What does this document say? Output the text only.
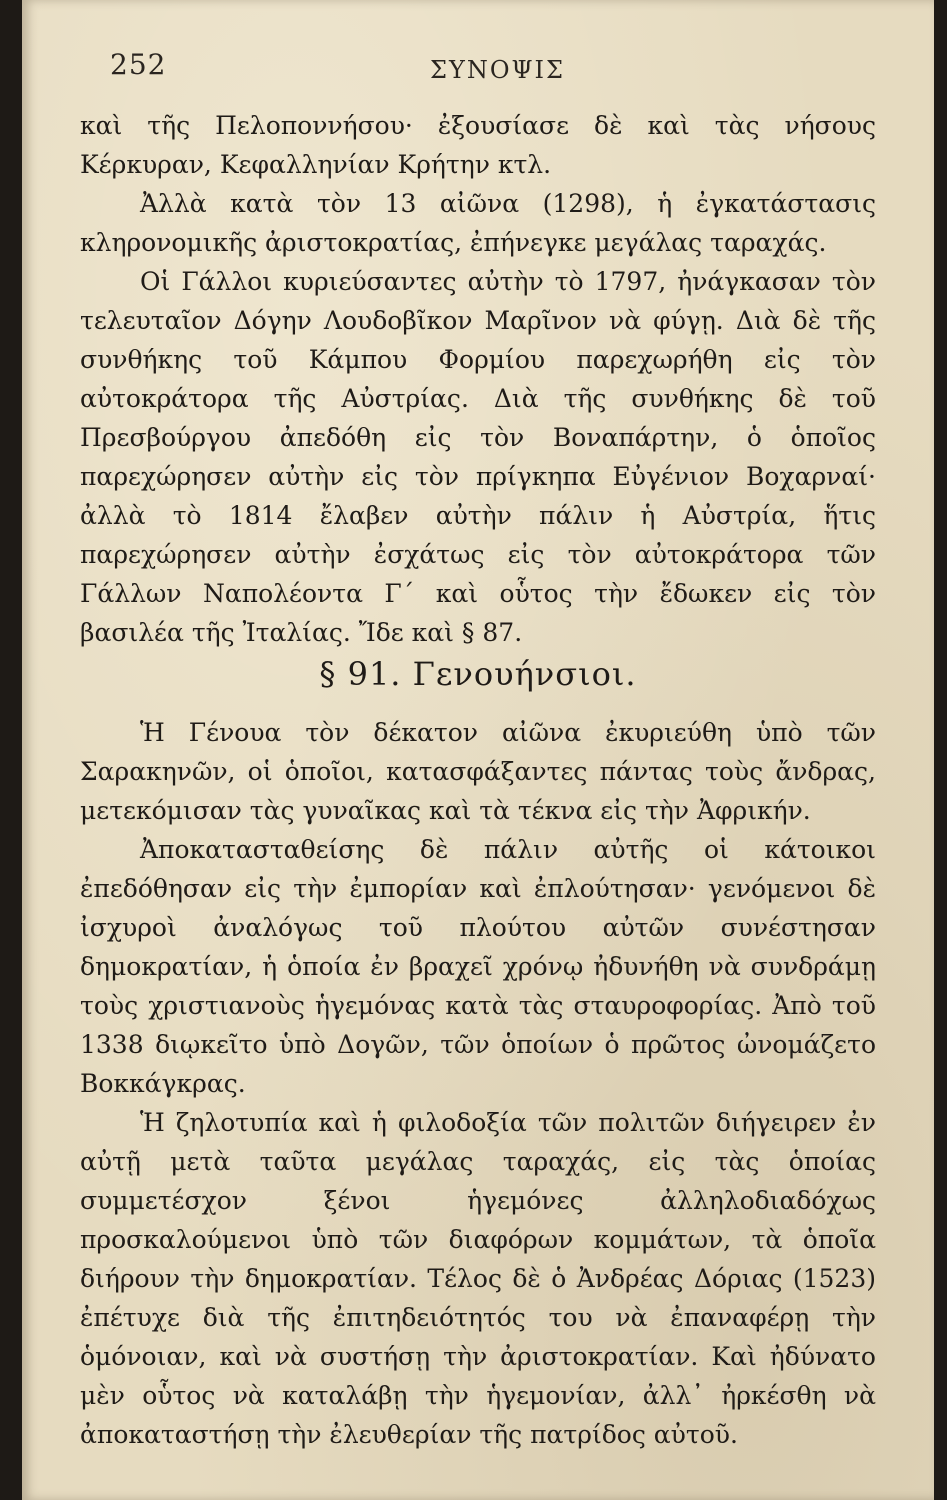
252	ΣΥΝΟΨΙΣ

καὶ τῆς Πελοποννήσου· ἐξουσίασε δὲ καὶ τὰς νήσους Κέρκυραν, Κεφαλληνίαν Κρήτην κτλ.

Ἀλλὰ κατὰ τὸν 13 αἰῶνα (1298), ἡ ἐγκατάστασις κληρονομικῆς ἀριστοκρατίας, ἐπήνεγκε μεγάλας ταραχάς.

Οἱ Γάλλοι κυριεύσαντες αὐτὴν τὸ 1797, ἠνάγκασαν τὸν τελευταῖον Δόγην Λουδοβῖκον Μαρῖνον νὰ φύγῃ. Διὰ δὲ τῆς συνθήκης τοῦ Κάμπου Φορμίου παρεχωρήθη εἰς τὸν αὐτοκράτορα τῆς Αὐστρίας. Διὰ τῆς συνθήκης δὲ τοῦ Πρεσβούργου ἀπεδόθη εἰς τὸν Βοναπάρτην, ὁ ὁποῖος παρεχώρησεν αὐτὴν εἰς τὸν πρίγκηπα Εὐγένιον Βοχαρναί· ἀλλὰ τὸ 1814 ἔλαβεν αὐτὴν πάλιν ἡ Αὐστρία, ἥτις παρεχώρησεν αὐτὴν ἐσχάτως εἰς τὸν αὐτοκράτορα τῶν Γάλλων Ναπολέοντα Γ´ καὶ οὗτος τὴν ἔδωκεν εἰς τὸν βασιλέα τῆς Ἰταλίας. Ἴδε καὶ § 87.

§ 91. Γενουήνσιοι.

Ἡ Γένουα τὸν δέκατον αἰῶνα ἐκυριεύθη ὑπὸ τῶν Σαρακηνῶν, οἱ ὁποῖοι, κατασφάξαντες πάντας τοὺς ἄνδρας, μετεκόμισαν τὰς γυναῖκας καὶ τὰ τέκνα εἰς τὴν Ἀφρικήν.

Ἀποκατασταθείσης δὲ πάλιν αὐτῆς οἱ κάτοικοι ἐπεδόθησαν εἰς τὴν ἐμπορίαν καὶ ἐπλούτησαν· γενόμενοι δὲ ἰσχυροὶ ἀναλόγως τοῦ πλούτου αὐτῶν συνέστησαν δημοκρατίαν, ἡ ὁποία ἐν βραχεῖ χρόνῳ ἠδυνήθη νὰ συνδράμῃ τοὺς χριστιανοὺς ἡγεμόνας κατὰ τὰς σταυροφορίας. Ἀπὸ τοῦ 1338 διῳκεῖτο ὑπὸ Δογῶν, τῶν ὁποίων ὁ πρῶτος ὠνομάζετο Βοκκάγκρας.

Ἡ ζηλοτυπία καὶ ἡ φιλοδοξία τῶν πολιτῶν διήγειρεν ἐν αὐτῇ μετὰ ταῦτα μεγάλας ταραχάς, εἰς τὰς ὁποίας συμμετέσχον ξένοι ἡγεμόνες ἀλληλοδιαδόχως προσκαλούμενοι ὑπὸ τῶν διαφόρων κομμάτων, τὰ ὁποῖα διήρουν τὴν δημοκρατίαν. Τέλος δὲ ὁ Ἀνδρέας Δόριας (1523) ἐπέτυχε διὰ τῆς ἐπιτηδειότητός του νὰ ἐπαναφέρῃ τὴν ὁμόνοιαν, καὶ νὰ συστήσῃ τὴν ἀριστοκρατίαν. Καὶ ἠδύνατο μὲν οὗτος νὰ καταλάβῃ τὴν ἡγεμονίαν, ἀλλ᾽ ἠρκέσθη νὰ ἀποκαταστήσῃ τὴν ἐλευθερίαν τῆς πατρίδος αὐτοῦ.
